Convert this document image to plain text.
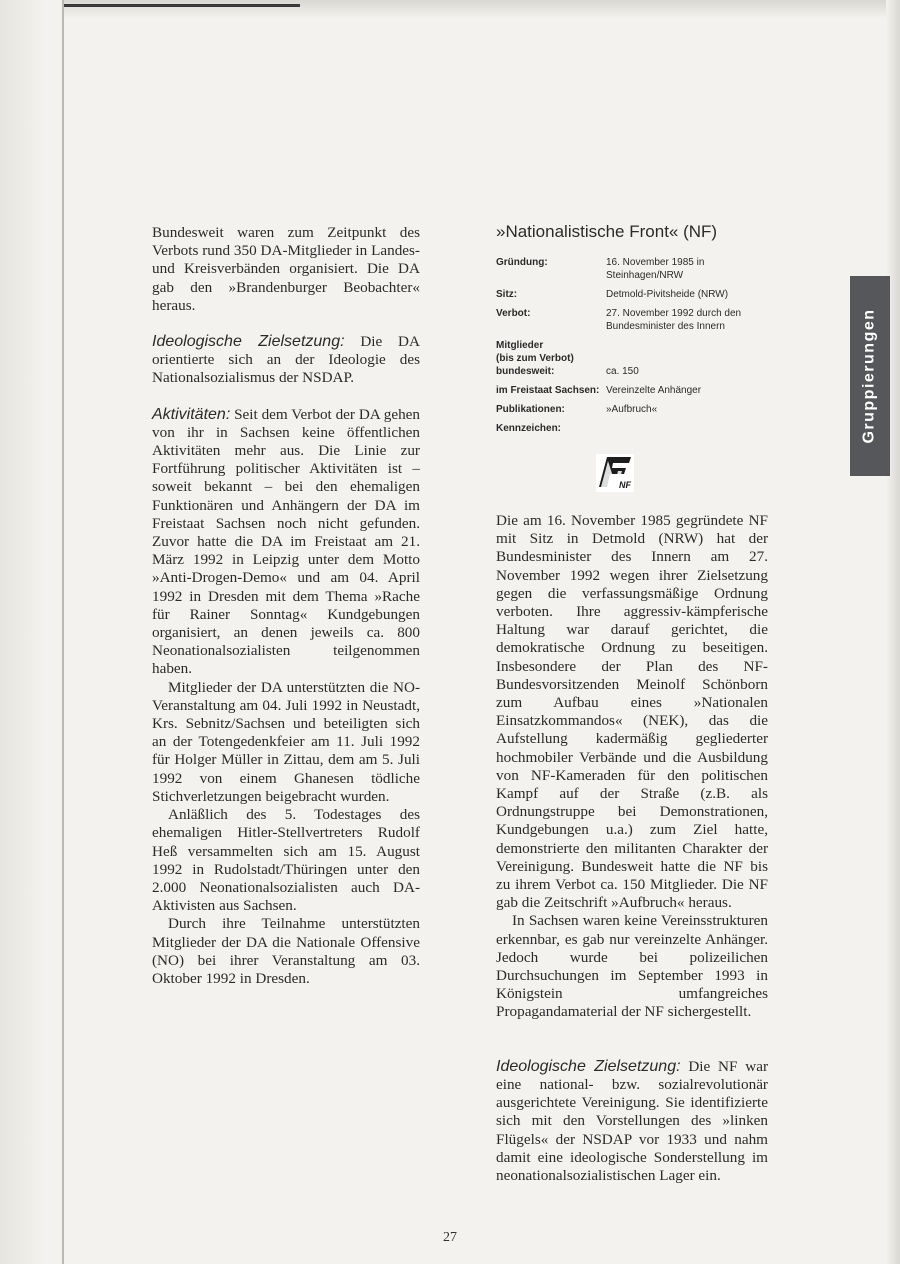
Bundesweit waren zum Zeitpunkt des Verbots rund 350 DA-Mitglieder in Landes- und Kreisverbänden organisiert. Die DA gab den »Brandenburger Beobachter« heraus.

Ideologische Zielsetzung: Die DA orientierte sich an der Ideologie des Nationalsozialismus der NSDAP.

Aktivitäten: Seit dem Verbot der DA gehen von ihr in Sachsen keine öffentlichen Aktivitäten mehr aus. Die Linie zur Fortführung politischer Aktivitäten ist – soweit bekannt – bei den ehemaligen Funktionären und Anhängern der DA im Freistaat Sachsen noch nicht gefunden. Zuvor hatte die DA im Freistaat am 21. März 1992 in Leipzig unter dem Motto »Anti-Drogen-Demo« und am 04. April 1992 in Dresden mit dem Thema »Rache für Rainer Sonntag« Kundgebungen organisiert, an denen jeweils ca. 800 Neonationalsozialisten teilgenommen haben.

Mitglieder der DA unterstützten die NO-Veranstaltung am 04. Juli 1992 in Neustadt, Krs. Sebnitz/Sachsen und beteiligten sich an der Totengedenkfeier am 11. Juli 1992 für Holger Müller in Zittau, dem am 5. Juli 1992 von einem Ghanesen tödliche Stichverletzungen beigebracht wurden.

Anläßlich des 5. Todestages des ehemaligen Hitler-Stellvertreters Rudolf Heß versammelten sich am 15. August 1992 in Rudolstadt/Thüringen unter den 2.000 Neonationalsozialisten auch DA-Aktivisten aus Sachsen.

Durch ihre Teilnahme unterstützten Mitglieder der DA die Nationale Offensive (NO) bei ihrer Veranstaltung am 03. Oktober 1992 in Dresden.

»Nationalistische Front« (NF)
Gründung:	16. November 1985 in Steinhagen/NRW
Sitz:	Detmold-Pivitsheide (NRW)
Verbot:	27. November 1992 durch den Bundesminister des Innern
Mitglieder
(bis zum Verbot)
bundesweit:	ca. 150
im Freistaat Sachsen: Vereinzelte Anhänger
Publikationen:	»Aufbruch«
Kennzeichen:
NF

Die am 16. November 1985 gegründete NF mit Sitz in Detmold (NRW) hat der Bundesminister des Innern am 27. November 1992 wegen ihrer Zielsetzung gegen die verfassungsmäßige Ordnung verboten. Ihre aggressiv-kämpferische Haltung war darauf gerichtet, die demokratische Ordnung zu beseitigen. Insbesondere der Plan des NF-Bundesvorsitzenden Meinolf Schönborn zum Aufbau eines »Nationalen Einsatzkommandos« (NEK), das die Aufstellung kadermäßig gegliederter hochmobiler Verbände und die Ausbildung von NF-Kameraden für den politischen Kampf auf der Straße (z.B. als Ordnungstruppe bei Demonstrationen, Kundgebungen u.a.) zum Ziel hatte, demonstrierte den militanten Charakter der Vereinigung. Bundesweit hatte die NF bis zu ihrem Verbot ca. 150 Mitglieder. Die NF gab die Zeitschrift »Aufbruch« heraus.

In Sachsen waren keine Vereinsstrukturen erkennbar, es gab nur vereinzelte Anhänger. Jedoch wurde bei polizeilichen Durchsuchungen im September 1993 in Königstein umfangreiches Propagandamaterial der NF sichergestellt.

Ideologische Zielsetzung: Die NF war eine national- bzw. sozialrevolutionär ausgerichtete Vereinigung. Sie identifizierte sich mit den Vorstellungen des »linken Flügels« der NSDAP vor 1933 und nahm damit eine ideologische Sonderstellung im neonationalsozialistischen Lager ein.

Gruppierungen
27
